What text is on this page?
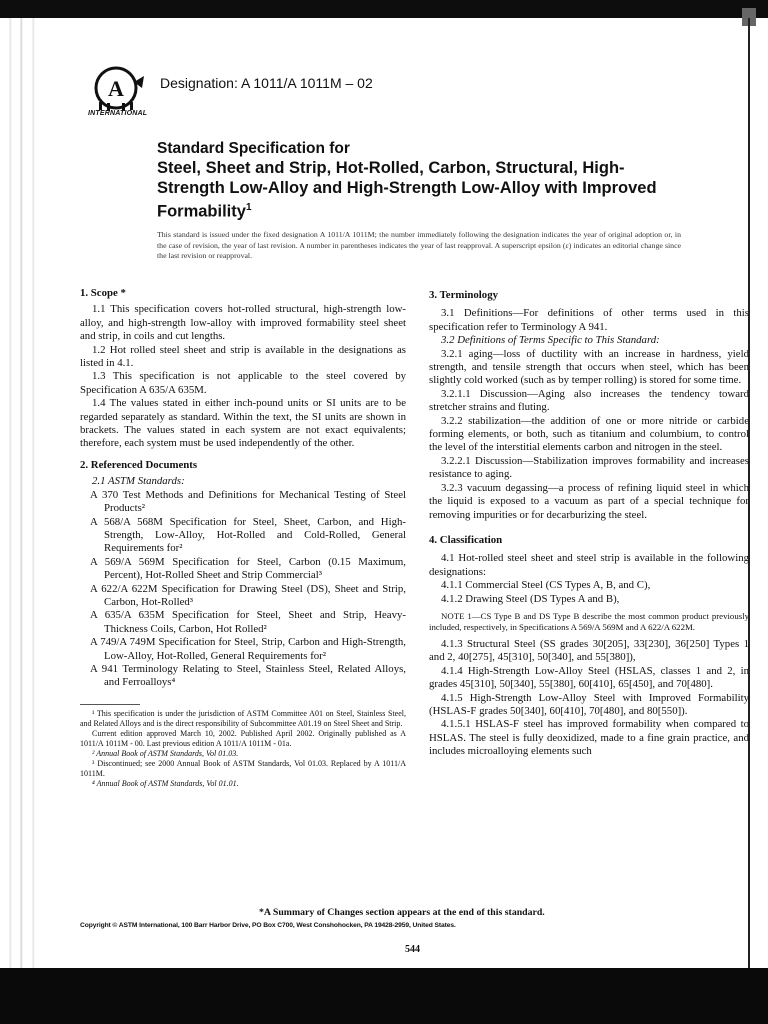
A
INTERNATIONAL
Designation: A 1011/A 1011M – 02
Standard Specification for
Steel, Sheet and Strip, Hot-Rolled, Carbon, Structural, High-Strength Low-Alloy and High-Strength Low-Alloy with Improved Formability$^1$
This standard is issued under the fixed designation A 1011/A 1011M; the number immediately following the designation indicates the year of original adoption or, in the case of revision, the year of last revision. A number in parentheses indicates the year of last reapproval. A superscript epsilon (ε) indicates an editorial change since the last revision or reapproval.

1. Scope *

1.1 This specification covers hot-rolled structural, high-strength low-alloy, and high-strength low-alloy with improved formability steel sheet and strip, in coils and cut lengths.

1.2 Hot rolled steel sheet and strip is available in the designations as listed in 4.1.

1.3 This specification is not applicable to the steel covered by Specification A 635/A 635M.

1.4 The values stated in either inch-pound units or SI units are to be regarded separately as standard. Within the text, the SI units are shown in brackets. The values stated in each system are not exact equivalents; therefore, each system must be used independently of the other.

2. Referenced Documents

2.1 ASTM Standards:

A 370 Test Methods and Definitions for Mechanical Testing of Steel Products²

A 568/A 568M Specification for Steel, Sheet, Carbon, and High-Strength, Low-Alloy, Hot-Rolled and Cold-Rolled, General Requirements for²

A 569/A 569M Specification for Steel, Carbon (0.15 Maximum, Percent), Hot-Rolled Sheet and Strip Commercial³

A 622/A 622M Specification for Drawing Steel (DS), Sheet and Strip, Carbon, Hot-Rolled³

A 635/A 635M Specification for Steel, Sheet and Strip, Heavy-Thickness Coils, Carbon, Hot Rolled²

A 749/A 749M Specification for Steel, Strip, Carbon and High-Strength, Low-Alloy, Hot-Rolled, General Requirements for²

A 941 Terminology Relating to Steel, Stainless Steel, Related Alloys, and Ferroalloys⁴

¹ This specification is under the jurisdiction of ASTM Committee A01 on Steel, Stainless Steel, and Related Alloys and is the direct responsibility of Subcommittee A01.19 on Steel Sheet and Strip.

Current edition approved March 10, 2002. Published April 2002. Originally published as A 1011/A 1011M - 00. Last previous edition A 1011/A 1011M - 01a.

² Annual Book of ASTM Standards, Vol 01.03.

³ Discontinued; see 2000 Annual Book of ASTM Standards, Vol 01.03. Replaced by A 1011/A 1011M.

⁴ Annual Book of ASTM Standards, Vol 01.01.

3. Terminology

3.1 Definitions—For definitions of other terms used in this specification refer to Terminology A 941.

3.2 Definitions of Terms Specific to This Standard:

3.2.1 aging—loss of ductility with an increase in hardness, yield strength, and tensile strength that occurs when steel, which has been slightly cold worked (such as by temper rolling) is stored for some time.

3.2.1.1 Discussion—Aging also increases the tendency toward stretcher strains and fluting.

3.2.2 stabilization—the addition of one or more nitride or carbide forming elements, or both, such as titanium and columbium, to control the level of the interstitial elements carbon and nitrogen in the steel.

3.2.2.1 Discussion—Stabilization improves formability and increases resistance to aging.

3.2.3 vacuum degassing—a process of refining liquid steel in which the liquid is exposed to a vacuum as part of a special technique for removing impurities or for decarburizing the steel.

4. Classification

4.1 Hot-rolled steel sheet and steel strip is available in the following designations:

4.1.1 Commercial Steel (CS Types A, B, and C),

4.1.2 Drawing Steel (DS Types A and B),

NOTE 1—CS Type B and DS Type B describe the most common product previously included, respectively, in Specifications A 569/A 569M and A 622/A 622M.

4.1.3 Structural Steel (SS grades 30[205], 33[230], 36[250] Types 1 and 2, 40[275], 45[310], 50[340], and 55[380]),

4.1.4 High-Strength Low-Alloy Steel (HSLAS, classes 1 and 2, in grades 45[310], 50[340], 55[380], 60[410], 65[450], and 70[480].

4.1.5 High-Strength Low-Alloy Steel with Improved Formability (HSLAS-F grades 50[340], 60[410], 70[480], and 80[550]).

4.1.5.1 HSLAS-F steel has improved formability when compared to HSLAS. The steel is fully deoxidized, made to a fine grain practice, and includes microalloying elements such

*A Summary of Changes section appears at the end of this standard.
Copyright © ASTM International, 100 Barr Harbor Drive, PO Box C700, West Conshohocken, PA 19428-2959, United States.
544
